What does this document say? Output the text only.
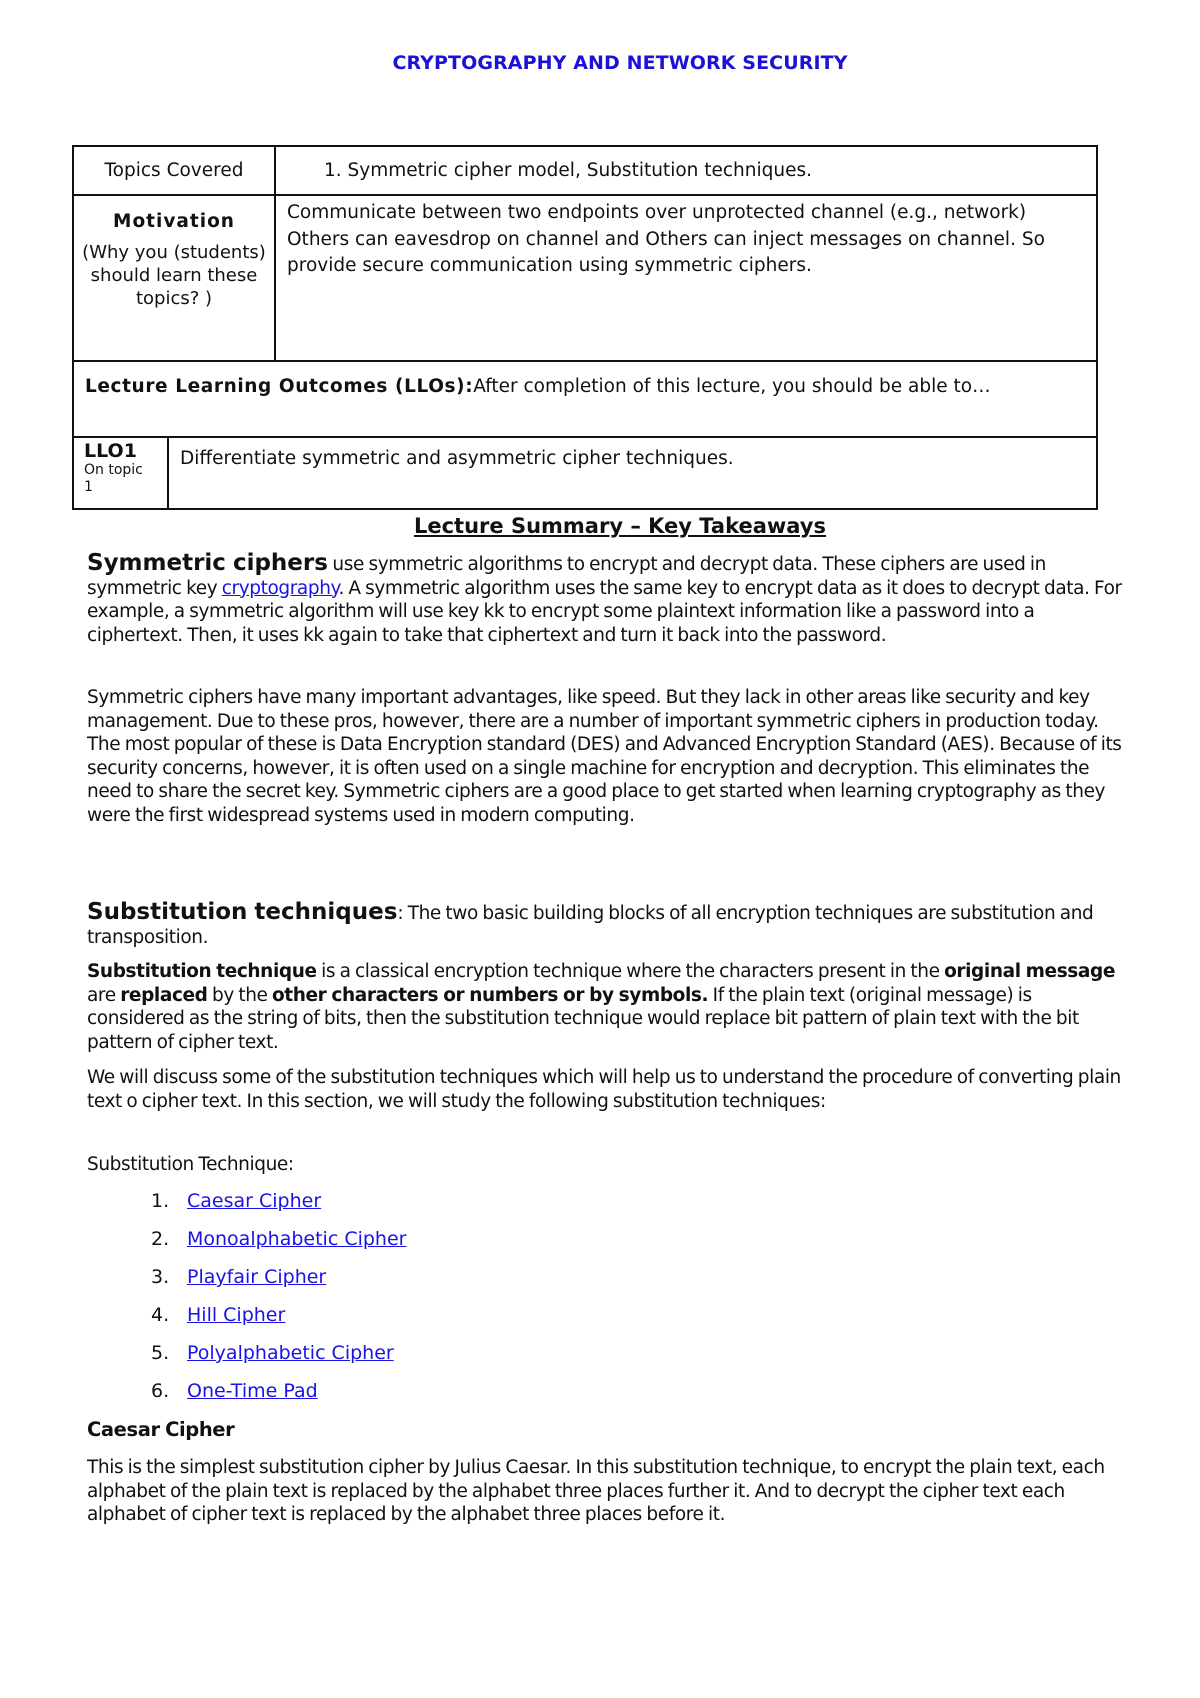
CRYPTOGRAPHY AND NETWORK SECURITY
Topics Covered	1. Symmetric cipher model, Substitution techniques.

Motivation
(Why you (students) should learn these topics? )
	Communicate between two endpoints over unprotected channel (e.g., network) Others can eavesdrop on channel and Others can inject messages on channel. So provide secure communication using symmetric ciphers.
Lecture Learning Outcomes (LLOs):After completion of this lecture, you should be able to…

LLO1
On topic 1
	Differentiate symmetric and asymmetric cipher techniques.
Lecture Summary – Key Takeaways

Symmetric ciphers use symmetric algorithms to encrypt and decrypt data. These ciphers are used in symmetric key cryptography. A symmetric algorithm uses the same key to encrypt data as it does to decrypt data. For example, a symmetric algorithm will use key kk to encrypt some plaintext information like a password into a ciphertext. Then, it uses kk again to take that ciphertext and turn it back into the password.

Symmetric ciphers have many important advantages, like speed. But they lack in other areas like security and key management. Due to these pros, however, there are a number of important symmetric ciphers in production today. The most popular of these is Data Encryption standard (DES) and Advanced Encryption Standard (AES). Because of its security concerns, however, it is often used on a single machine for encryption and decryption. This eliminates the need to share the secret key. Symmetric ciphers are a good place to get started when learning cryptography as they were the first widespread systems used in modern computing.

Substitution techniques: The two basic building blocks of all encryption techniques are substitution and transposition.

Substitution technique is a classical encryption technique where the characters present in the original message are replaced by the other characters or numbers or by symbols. If the plain text (original message) is considered as the string of bits, then the substitution technique would replace bit pattern of plain text with the bit pattern of cipher text.

We will discuss some of the substitution techniques which will help us to understand the procedure of converting plain text o cipher text. In this section, we will study the following substitution techniques:
Substitution Technique:
1. Caesar Cipher
2. Monoalphabetic Cipher
3. Playfair Cipher
4. Hill Cipher
5. Polyalphabetic Cipher
6. One-Time Pad
Caesar Cipher
This is the simplest substitution cipher by Julius Caesar. In this substitution technique, to encrypt the plain text, each alphabet of the plain text is replaced by the alphabet three places further it. And to decrypt the cipher text each alphabet of cipher text is replaced by the alphabet three places before it.
